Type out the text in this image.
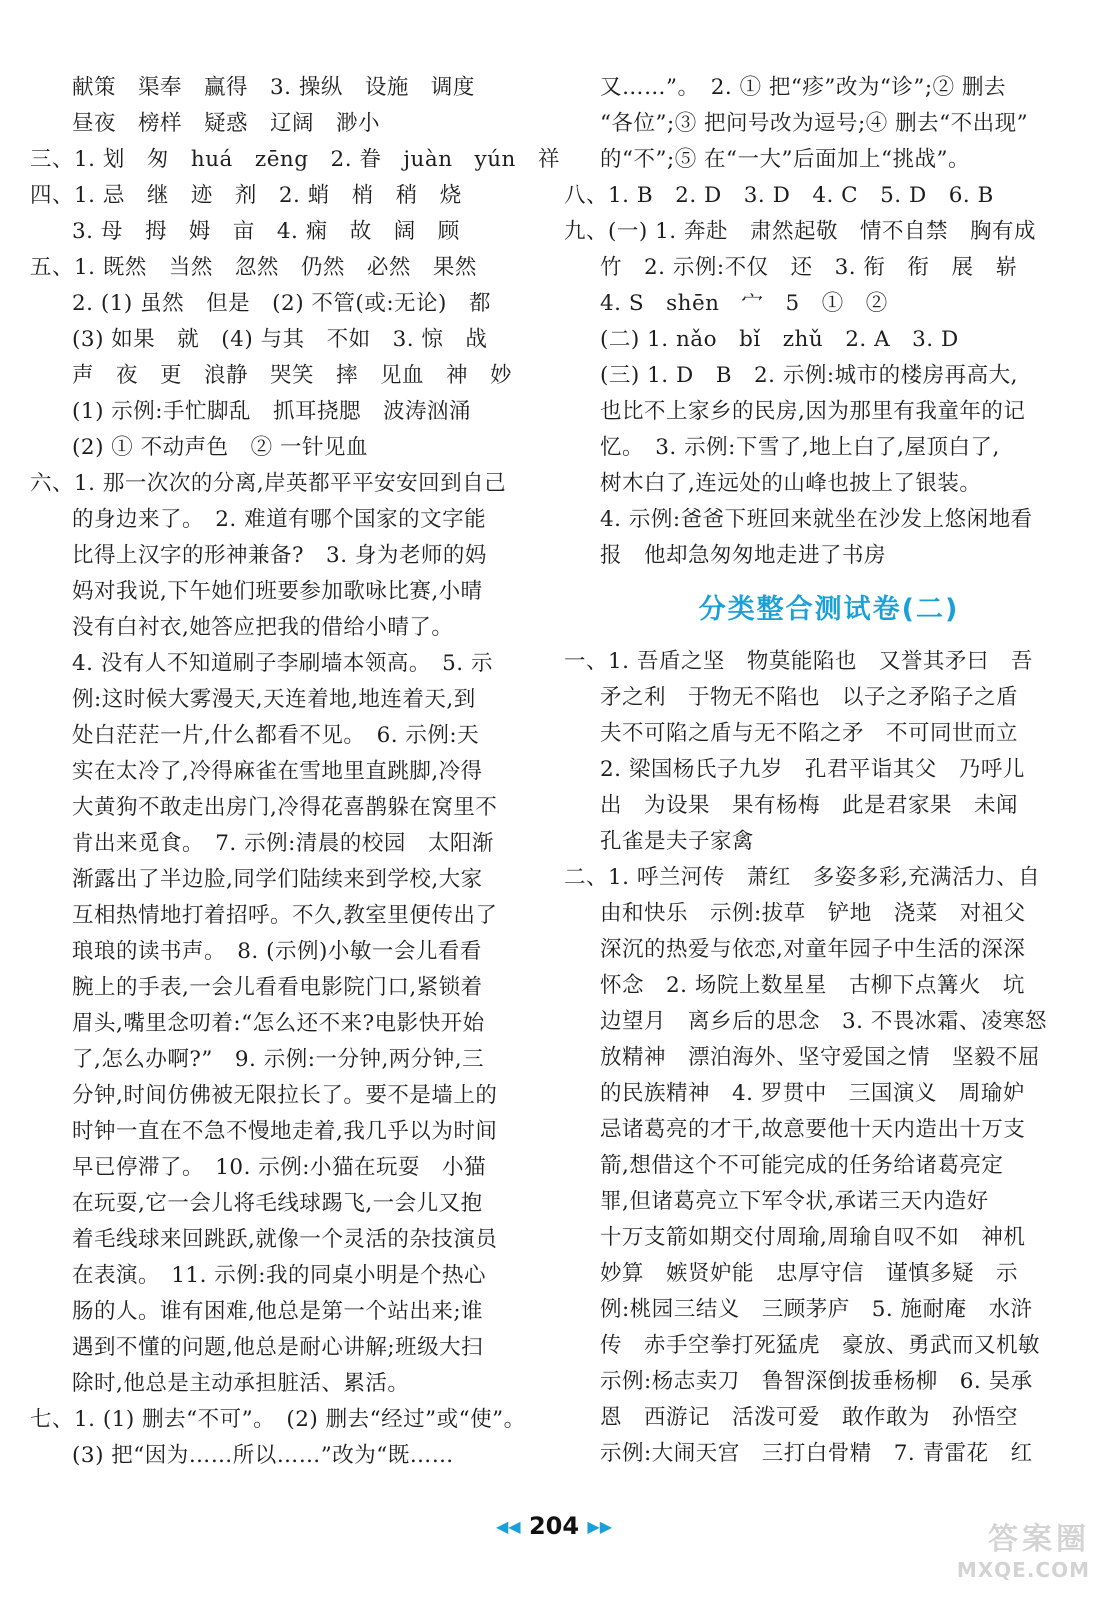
献策　渠奉　赢得　3. 操纵　设施　调度
昼夜　榜样　疑惑　辽阔　渺小
三、1. 划　匆　huá　zēng　2. 眷　juàn　yún　祥
四、1. 忌　继　迹　剂　2. 蛸　梢　稍　烧
3. 母　拇　姆　亩　4. 痫　故　阔　顾
五、1. 既然　当然　忽然　仍然　必然　果然
2. (1) 虽然　但是　(2) 不管(或:无论)　都
(3) 如果　就　(4) 与其　不如　3. 惊　战
声　夜　更　浪静　哭笑　摔　见血　神　妙
(1) 示例:手忙脚乱　抓耳挠腮　波涛汹涌
(2) ① 不动声色　② 一针见血
六、1. 那一次次的分离,岸英都平平安安回到自己
的身边来了。　2. 难道有哪个国家的文字能
比得上汉字的形神兼备?　3. 身为老师的妈
妈对我说,下午她们班要参加歌咏比赛,小晴
没有白衬衣,她答应把我的借给小晴了。
4. 没有人不知道刷子李刷墙本领高。　5. 示
例:这时候大雾漫天,天连着地,地连着天,到
处白茫茫一片,什么都看不见。　6. 示例:天
实在太冷了,冷得麻雀在雪地里直跳脚,冷得
大黄狗不敢走出房门,冷得花喜鹊躲在窝里不
肯出来觅食。　7. 示例:清晨的校园　太阳渐
渐露出了半边脸,同学们陆续来到学校,大家
互相热情地打着招呼。不久,教室里便传出了
琅琅的读书声。　8. (示例)小敏一会儿看看
腕上的手表,一会儿看看电影院门口,紧锁着
眉头,嘴里念叨着:“怎么还不来?电影快开始
了,怎么办啊?”　9. 示例:一分钟,两分钟,三
分钟,时间仿佛被无限拉长了。要不是墙上的
时钟一直在不急不慢地走着,我几乎以为时间
早已停滞了。　10. 示例:小猫在玩耍　小猫
在玩耍,它一会儿将毛线球踢飞,一会儿又抱
着毛线球来回跳跃,就像一个灵活的杂技演员
在表演。　11. 示例:我的同桌小明是个热心
肠的人。谁有困难,他总是第一个站出来;谁
遇到不懂的问题,他总是耐心讲解;班级大扫
除时,他总是主动承担脏活、累活。
七、1. (1) 删去“不可”。　(2) 删去“经过”或“使”。
(3) 把“因为……所以……”改为“既……
又……”。　2. ① 把“疹”改为“诊”;② 删去
“各位”;③ 把问号改为逗号;④ 删去“不出现”
的“不”;⑤ 在“一大”后面加上“挑战”。
八、1. B　2. D　3. D　4. C　5. D　6. B
九、(一) 1. 奔赴　肃然起敬　情不自禁　胸有成
竹　2. 示例:不仅　还　3. 衔　衔　展　崭
4. S　shēn　宀　5　①　②
(二) 1. nǎo　bǐ　zhǔ　2. A　3. D
(三) 1. D　B　2. 示例:城市的楼房再高大,
也比不上家乡的民房,因为那里有我童年的记
忆。　3. 示例:下雪了,地上白了,屋顶白了,
树木白了,连远处的山峰也披上了银装。
4. 示例:爸爸下班回来就坐在沙发上悠闲地看
报　他却急匆匆地走进了书房
分类整合测试卷(二)
一、1. 吾盾之坚　物莫能陷也　又誉其矛曰　吾
矛之利　于物无不陷也　以子之矛陷子之盾
夫不可陷之盾与无不陷之矛　不可同世而立
2. 梁国杨氏子九岁　孔君平诣其父　乃呼儿
出　为设果　果有杨梅　此是君家果　未闻
孔雀是夫子家禽
二、1. 呼兰河传　萧红　多姿多彩,充满活力、自
由和快乐　示例:拔草　铲地　浇菜　对祖父
深沉的热爱与依恋,对童年园子中生活的深深
怀念　2. 场院上数星星　古柳下点篝火　坑
边望月　离乡后的思念　3. 不畏冰霜、凌寒怒
放精神　漂泊海外、坚守爱国之情　坚毅不屈
的民族精神　4. 罗贯中　三国演义　周瑜妒
忌诸葛亮的才干,故意要他十天内造出十万支
箭,想借这个不可能完成的任务给诸葛亮定
罪,但诸葛亮立下军令状,承诺三天内造好
十万支箭如期交付周瑜,周瑜自叹不如　神机
妙算　嫉贤妒能　忠厚守信　谨慎多疑　示
例:桃园三结义　三顾茅庐　5. 施耐庵　水浒
传　赤手空拳打死猛虎　豪放、勇武而又机敏
示例:杨志卖刀　鲁智深倒拔垂杨柳　6. 吴承
恩　西游记　活泼可爱　敢作敢为　孙悟空
示例:大闹天宫　三打白骨精　7. 青雷花　红
◀◀ 204 ▶▶	答案圈
MXQE.COM
